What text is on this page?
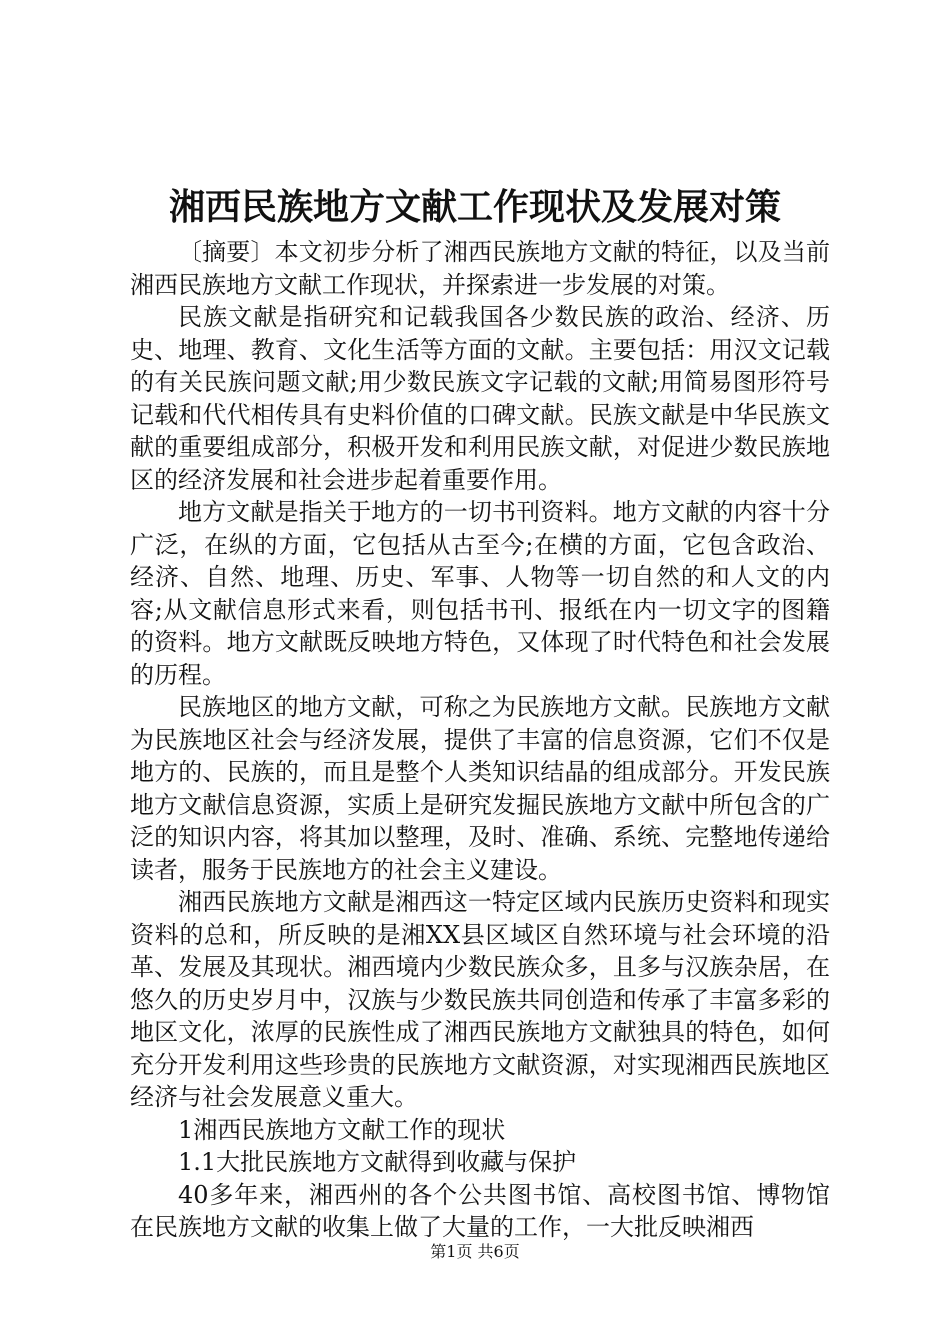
湘西民族地方文献工作现状及发展对策

〔摘要〕本文初步分析了湘西民族地方文献的特征，以及当前湘西民族地方文献工作现状，并探索进一步发展的对策。

民族文献是指研究和记载我国各少数民族的政治、经济、历史、地理、教育、文化生活等方面的文献。主要包括：用汉文记载的有关民族问题文献;用少数民族文字记载的文献;用简易图形符号记载和代代相传具有史料价值的口碑文献。民族文献是中华民族文献的重要组成部分，积极开发和利用民族文献，对促进少数民族地区的经济发展和社会进步起着重要作用。

地方文献是指关于地方的一切书刊资料。地方文献的内容十分广泛，在纵的方面，它包括从古至今;在横的方面，它包含政治、经济、自然、地理、历史、军事、人物等一切自然的和人文的内容;从文献信息形式来看，则包括书刊、报纸在内一切文字的图籍的资料。地方文献既反映地方特色，又体现了时代特色和社会发展的历程。

民族地区的地方文献，可称之为民族地方文献。民族地方文献为民族地区社会与经济发展，提供了丰富的信息资源，它们不仅是地方的、民族的，而且是整个人类知识结晶的组成部分。开发民族地方文献信息资源，实质上是研究发掘民族地方文献中所包含的广泛的知识内容，将其加以整理，及时、准确、系统、完整地传递给读者，服务于民族地方的社会主义建设。

湘西民族地方文献是湘西这一特定区域内民族历史资料和现实资料的总和，所反映的是湘XX县区域区自然环境与社会环境的沿革、发展及其现状。湘西境内少数民族众多，且多与汉族杂居，在悠久的历史岁月中，汉族与少数民族共同创造和传承了丰富多彩的地区文化，浓厚的民族性成了湘西民族地方文献独具的特色，如何充分开发利用这些珍贵的民族地方文献资源，对实现湘西民族地区经济与社会发展意义重大。

1湘西民族地方文献工作的现状

1.1大批民族地方文献得到收藏与保护

40多年来，湘西州的各个公共图书馆、高校图书馆、博物馆在民族地方文献的收集上做了大量的工作，一大批反映湘西

第1页 共6页
